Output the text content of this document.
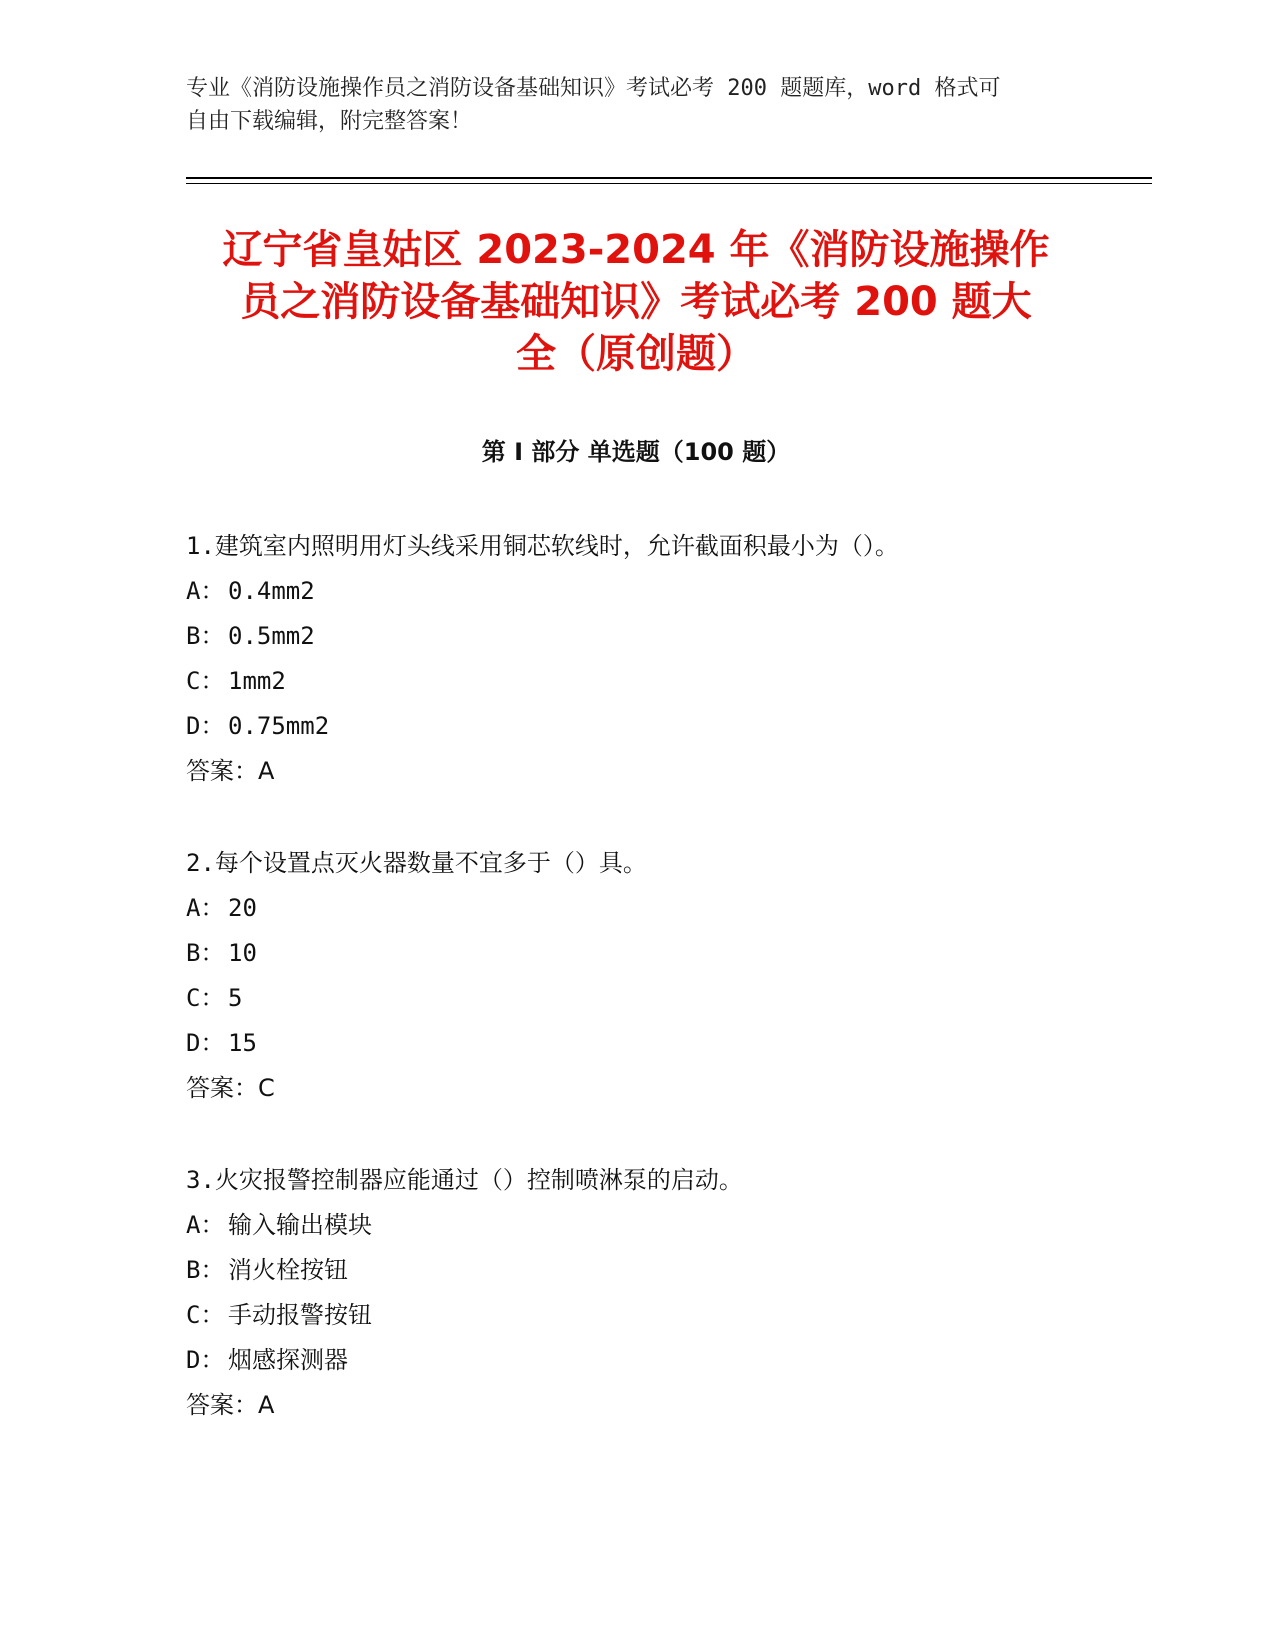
专业《消防设施操作员之消防设备基础知识》考试必考 200 题题库，word 格式可
自由下载编辑，附完整答案！
辽宁省皇姑区 2023-2024 年《消防设施操作
员之消防设备基础知识》考试必考 200 题大
全（原创题）
第 I 部分 单选题（100 题）
1.建筑室内照明用灯头线采用铜芯软线时，允许截面积最小为（）。
A： 0.4mm2
B： 0.5mm2
C： 1mm2
D： 0.75mm2
答案：A
2.每个设置点灭火器数量不宜多于（）具。
A： 20
B： 10
C： 5
D： 15
答案：C
3.火灾报警控制器应能通过（）控制喷淋泵的启动。
A： 输入输出模块
B： 消火栓按钮
C： 手动报警按钮
D： 烟感探测器
答案：A
